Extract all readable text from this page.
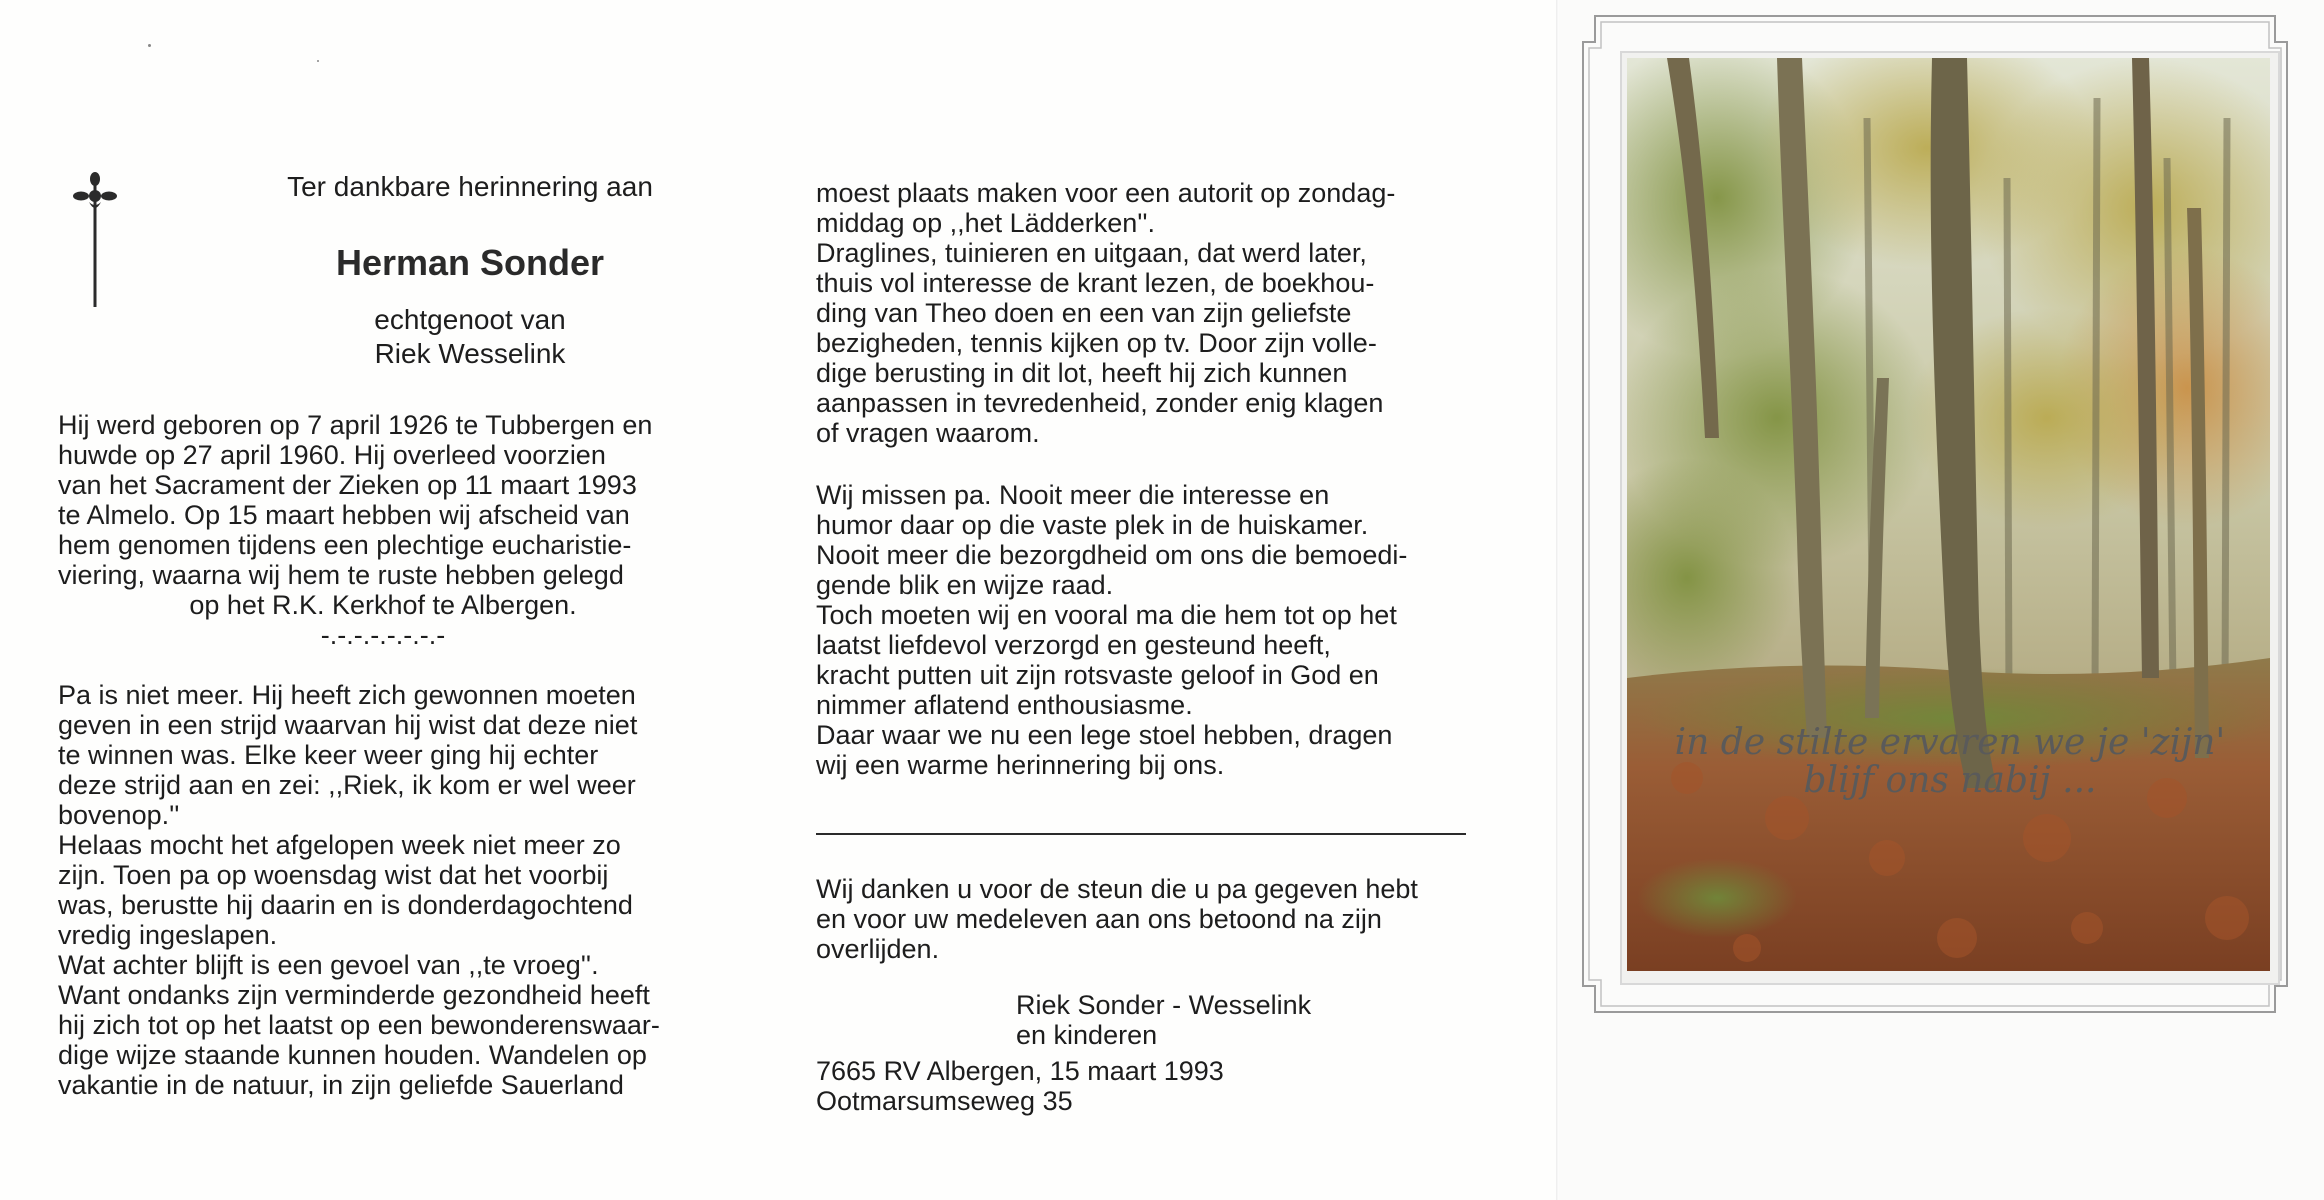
Ter dankbare herinnering aan
Herman Sonder
echtgenoot van
Riek Wesselink

Hij werd geboren op 7 april 1926 te Tubbergen en

huwde op 27 april 1960. Hij overleed voorzien

van het Sacrament der Zieken op 11 maart 1993

te Almelo. Op 15 maart hebben wij afscheid van

hem genomen tijdens een plechtige eucharistie-

viering, waarna wij hem te ruste hebben gelegd

op het R.K. Kerkhof te Albergen.

-.-.-.-.-.-.-.-

Pa is niet meer. Hij heeft zich gewonnen moeten

geven in een strijd waarvan hij wist dat deze niet

te winnen was. Elke keer weer ging hij echter

deze strijd aan en zei: ,,Riek, ik kom er wel weer

bovenop.''

Helaas mocht het afgelopen week niet meer zo

zijn. Toen pa op woensdag wist dat het voorbij

was, berustte hij daarin en is donderdagochtend

vredig ingeslapen.

Wat achter blijft is een gevoel van ,,te vroeg''.

Want ondanks zijn verminderde gezondheid heeft

hij zich tot op het laatst op een bewonderenswaar-

dige wijze staande kunnen houden. Wandelen op

vakantie in de natuur, in zijn geliefde Sauerland

moest plaats maken voor een autorit op zondag-

middag op ,,het Lädderken''.

Draglines, tuinieren en uitgaan, dat werd later,

thuis vol interesse de krant lezen, de boekhou-

ding van Theo doen en een van zijn geliefste

bezigheden, tennis kijken op tv. Door zijn volle-

dige berusting in dit lot, heeft hij zich kunnen

aanpassen in tevredenheid, zonder enig klagen

of vragen waarom.

Wij missen pa. Nooit meer die interesse en

humor daar op die vaste plek in de huiskamer.

Nooit meer die bezorgdheid om ons die bemoedi-

gende blik en wijze raad.

Toch moeten wij en vooral ma die hem tot op het

laatst liefdevol verzorgd en gesteund heeft,

kracht putten uit zijn rotsvaste geloof in God en

nimmer aflatend enthousiasme.

Daar waar we nu een lege stoel hebben, dragen

wij een warme herinnering bij ons.

Wij danken u voor de steun die u pa gegeven hebt

en voor uw medeleven aan ons betoond na zijn

overlijden.

Riek Sonder - Wesselink

en kinderen

7665 RV Albergen, 15 maart 1993

Ootmarsumseweg 35

in de stilte ervaren we je 'zijn'
blijf ons nabij ...
